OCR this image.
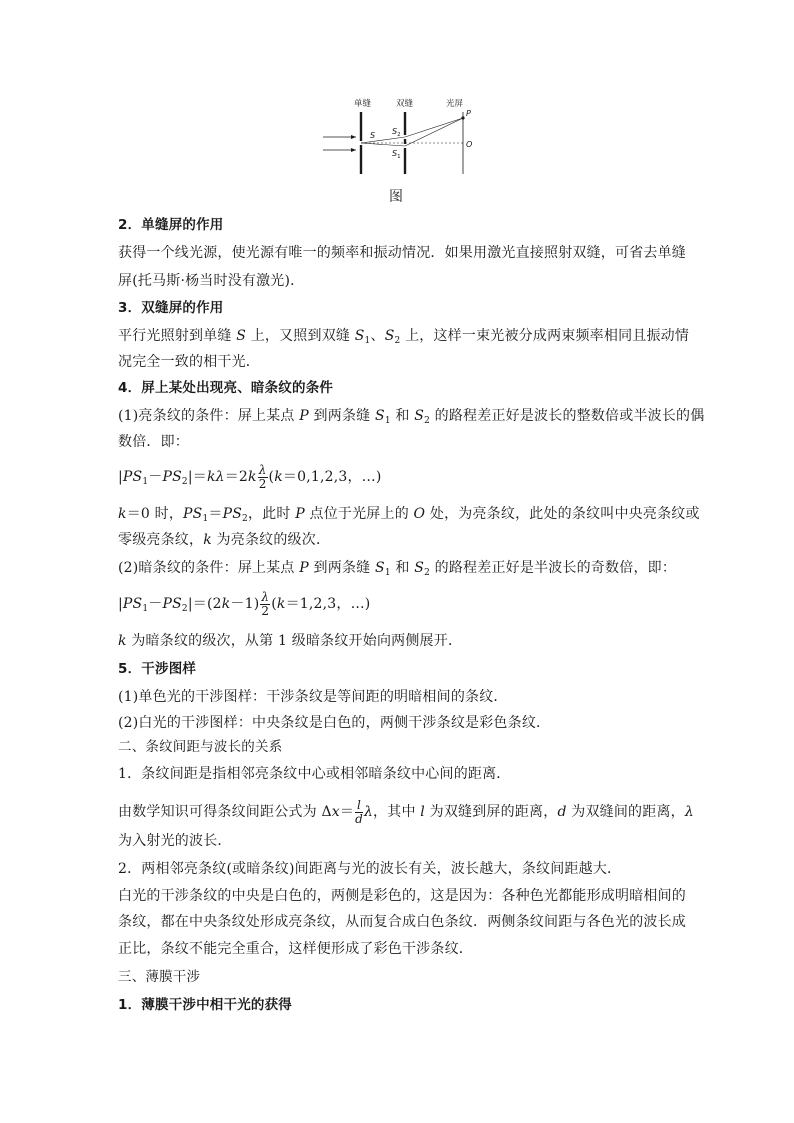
单缝	双缝	光屏
S $S_2$
$S_1$
P
O
图
2．单缝屏的作用
获得一个线光源，使光源有唯一的频率和振动情况．如果用激光直接照射双缝，可省去单缝
屏(托马斯·杨当时没有激光)．
3．双缝屏的作用
平行光照射到单缝 S 上，又照到双缝 $S_1$、$S_2$ 上，这样一束光被分成两束频率相同且振动情
况完全一致的相干光．
4．屏上某处出现亮、暗条纹的条件
(1)亮条纹的条件：屏上某点 P 到两条缝 $S_1$ 和 $S_2$ 的路程差正好是波长的整数倍或半波长的偶
数倍．即：
$|PS_1-PS_2|=k\lambda=2k \frac{\lambda}{2} (k=0,1,2,3$，…)
k＝0 时，$PS_1=PS_2$，此时 P 点位于光屏上的 O 处，为亮条纹，此处的条纹叫中央亮条纹或
零级亮条纹，k 为亮条纹的级次．
(2)暗条纹的条件：屏上某点 P 到两条缝 $S_1$ 和 $S_2$ 的路程差正好是半波长的奇数倍，即：
$|PS_1-PS_2|=(2k-1) \frac{\lambda}{2} (k=1,2,3$，…)
k 为暗条纹的级次，从第 1 级暗条纹开始向两侧展开．
5．干涉图样
(1)单色光的干涉图样：干涉条纹是等间距的明暗相间的条纹．
(2)白光的干涉图样：中央条纹是白色的，两侧干涉条纹是彩色条纹．
二、条纹间距与波长的关系
1．条纹间距是指相邻亮条纹中心或相邻暗条纹中心间的距离．
由数学知识可得条纹间距公式为 $\Delta x= \frac{l}{d}$ λ，其中 l 为双缝到屏的距离，d 为双缝间的距离，λ
为入射光的波长．
2．两相邻亮条纹(或暗条纹)间距离与光的波长有关，波长越大，条纹间距越大．
白光的干涉条纹的中央是白色的，两侧是彩色的，这是因为：各种色光都能形成明暗相间的
条纹，都在中央条纹处形成亮条纹，从而复合成白色条纹．两侧条纹间距与各色光的波长成
正比，条纹不能完全重合，这样便形成了彩色干涉条纹．
三、薄膜干涉
1．薄膜干涉中相干光的获得
